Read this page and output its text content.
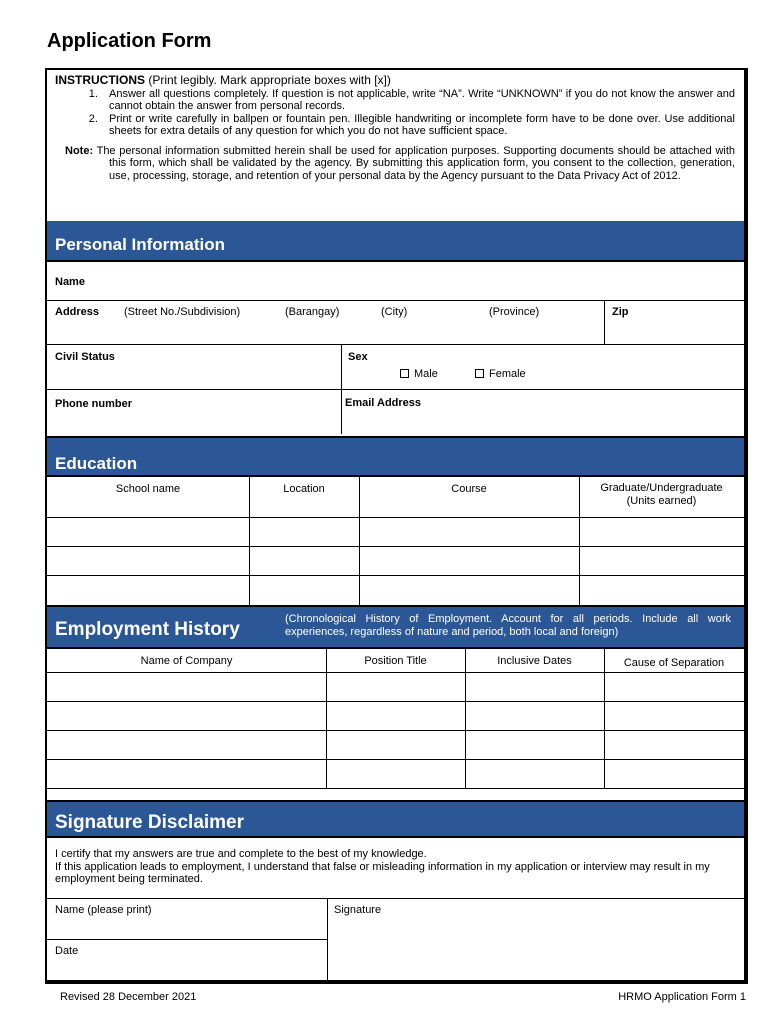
Application Form
INSTRUCTIONS (Print legibly. Mark appropriate boxes with [x])
1. Answer all questions completely. If question is not applicable, write “NA”. Write “UNKNOWN” if you do not know the answer and cannot obtain the answer from personal records.
2. Print or write carefully in ballpen or fountain pen. Illegible handwriting or incomplete form have to be done over. Use additional sheets for extra details of any question for which you do not have sufficient space.
Note: The personal information submitted herein shall be used for application purposes. Supporting documents should be attached with this form, which shall be validated by the agency. By submitting this application form, you consent to the collection, generation, use, processing, storage, and retention of your personal data by the Agency pursuant to the Data Privacy Act of 2012.
Personal Information
Name
Address (Street No./Subdivision)	(Barangay)	(City)	(Province)	Zip
Civil Status	Sex
Male	Female
Phone number	Email Address
Education
School name	Location	Course	Graduate/Undergraduate
(Units earned)
Employment History	(Chronological History of Employment. Account for all periods. Include all work experiences, regardless of nature and period, both local and foreign)
Name of Company	Position Title	Inclusive Dates	Cause of Separation
Signature Disclaimer
I certify that my answers are true and complete to the best of my knowledge.
If this application leads to employment, I understand that false or misleading information in my application or interview may result in my employment being terminated.
Name (please print)	Signature
Date
Revised 28 December 2021	HRMO Application Form 1
